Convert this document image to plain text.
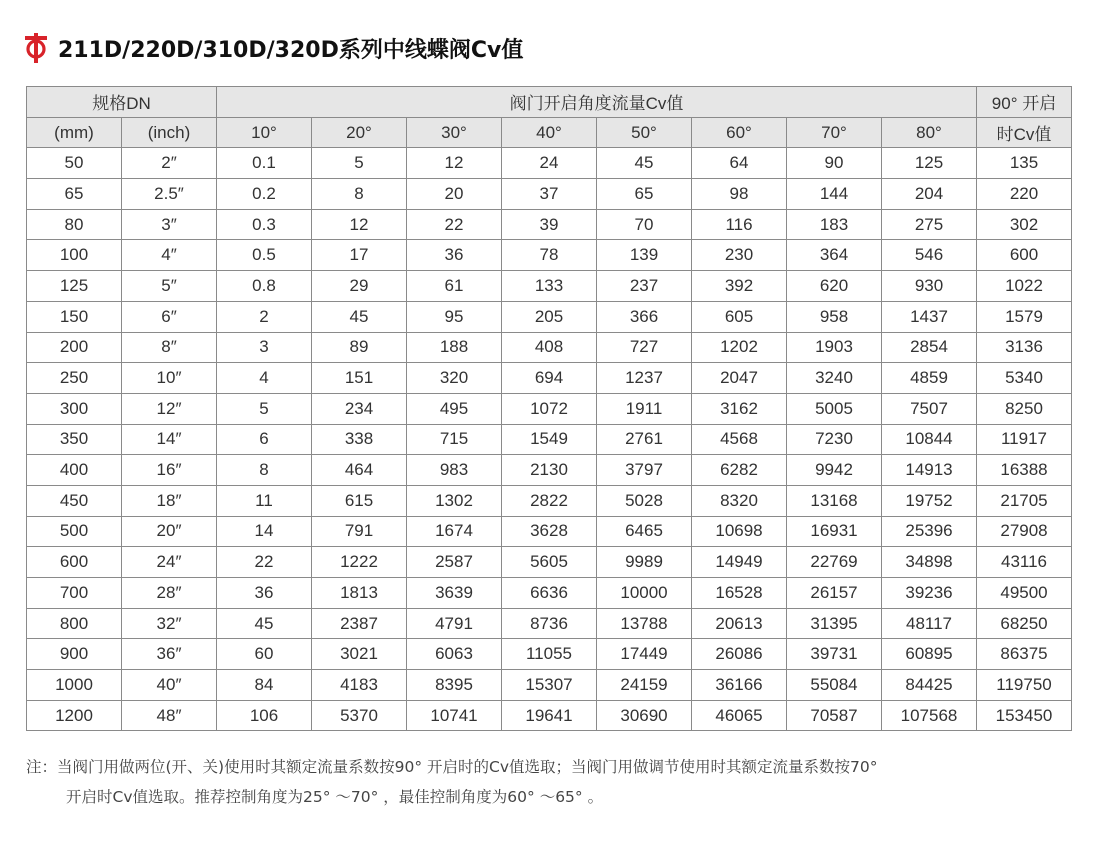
211D/220D/310D/320D系列中线蝶阀Cv值
规格DN		阀门开启角度流量Cv值								90° 开启
(mm)	(inch)	10°	20°	30°	40°	50°	60°	70°	80°	时Cv值
50	2″	0.1	5	12	24	45	64	90	125	135
65	2.5″	0.2	8	20	37	65	98	144	204	220
80	3″	0.3	12	22	39	70	116	183	275	302
100	4″	0.5	17	36	78	139	230	364	546	600
125	5″	0.8	29	61	133	237	392	620	930	1022
150	6″	2	45	95	205	366	605	958	1437	1579
200	8″	3	89	188	408	727	1202	1903	2854	3136
250	10″	4	151	320	694	1237	2047	3240	4859	5340
300	12″	5	234	495	1072	1911	3162	5005	7507	8250
350	14″	6	338	715	1549	2761	4568	7230	10844	11917
400	16″	8	464	983	2130	3797	6282	9942	14913	16388
450	18″	11	615	1302	2822	5028	8320	13168	19752	21705
500	20″	14	791	1674	3628	6465	10698	16931	25396	27908
600	24″	22	1222	2587	5605	9989	14949	22769	34898	43116
700	28″	36	1813	3639	6636	10000	16528	26157	39236	49500
800	32″	45	2387	4791	8736	13788	20613	31395	48117	68250
900	36″	60	3021	6063	11055	17449	26086	39731	60895	86375
1000	40″	84	4183	8395	15307	24159	36166	55084	84425	119750
1200	48″	106	5370	10741	19641	30690	46065	70587	107568	153450
注：当阀门用做两位(开、关)使用时其额定流量系数按90° 开启时的Cv值选取；当阀门用做调节使用时其额定流量系数按70°
开启时Cv值选取。推荐控制角度为25° ～70° ，最佳控制角度为60° ～65° 。
